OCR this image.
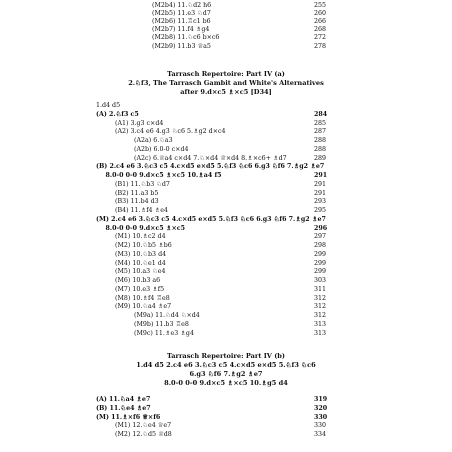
(M2b4) 11.♘d2 h6	255
(M2b5) 11.e3 ♘d7	260
(M2b6) 11.♖c1 b6	266
(M2b7) 11.f4 ♗g4	268
(M2b8) 11.♘c6 b×c6	272
(M2b9) 11.b3 ♕a5	278
Tarrasch Repertoire: Part IV (a)
2.♘f3, The Tarrasch Gambit and White's Alternatives
after 9.d×c5 ♗×c5 [D34]
1.d4 d5
(A) 2.♘f3 c5	284
(A1) 3.g3 c×d4	285
(A2) 3.c4 e6 4.g3 ♘c6 5.♗g2 d×c4	287
(A2a) 6.♘a3	288
(A2b) 6.0-0 c×d4	288
(A2c) 6.♕a4 c×d4 7.♘×d4 ♕×d4 8.♗×c6+ ♗d7	289
(B) 2.c4 e6 3.♘c3 c5 4.c×d5 e×d5 5.♘f3 ♘c6 6.g3 ♘f6 7.♗g2 ♗e7
8.0-0 0-0 9.d×c5 ♗×c5 10.♗a4 f5	291
(B1) 11.♘b3 ♘d7	291
(B2) 11.a3 b5	291
(B3) 11.b4 d3	293
(B4) 11.♗f4 ♗e4	295
(M) 2.c4 e6 3.♘c3 c5 4.c×d5 e×d5 5.♘f3 ♘c6 6.g3 ♘f6 7.♗g2 ♗e7
8.0-0 0-0 9.d×c5 ♗×c5	296
(M1) 10.♗c2 d4	297
(M2) 10.♘b5 ♗b6	298
(M3) 10.♘b3 d4	299
(M4) 10.♘e1 d4	299
(M5) 10.a3 ♘e4	299
(M6) 10.b3 a6	303
(M7) 10.e3 ♗f5	311
(M8) 10.♗f4 ♖e8	312
(M9) 10.♘a4 ♗e7	312
(M9a) 11.♘d4 ♘×d4	312
(M9b) 11.b3 ♖e8	313
(M9c) 11.♗e3 ♗g4	313
Tarrasch Repertoire: Part IV (b)
1.d4 d5 2.c4 e6 3.♘c3 c5 4.c×d5 e×d5 5.♘f3 ♘c6
6.g3 ♘f6 7.♗g2 ♗e7
8.0-0 0-0 9.d×c5 ♗×c5 10.♗g5 d4
(A) 11.♘a4 ♗e7	319
(B) 11.♘e4 ♗e7	320
(M) 11.♗×f6 ♕×f6	330
(M1) 12.♘e4 ♕e7	330
(M2) 12.♘d5 ♕d8	334
